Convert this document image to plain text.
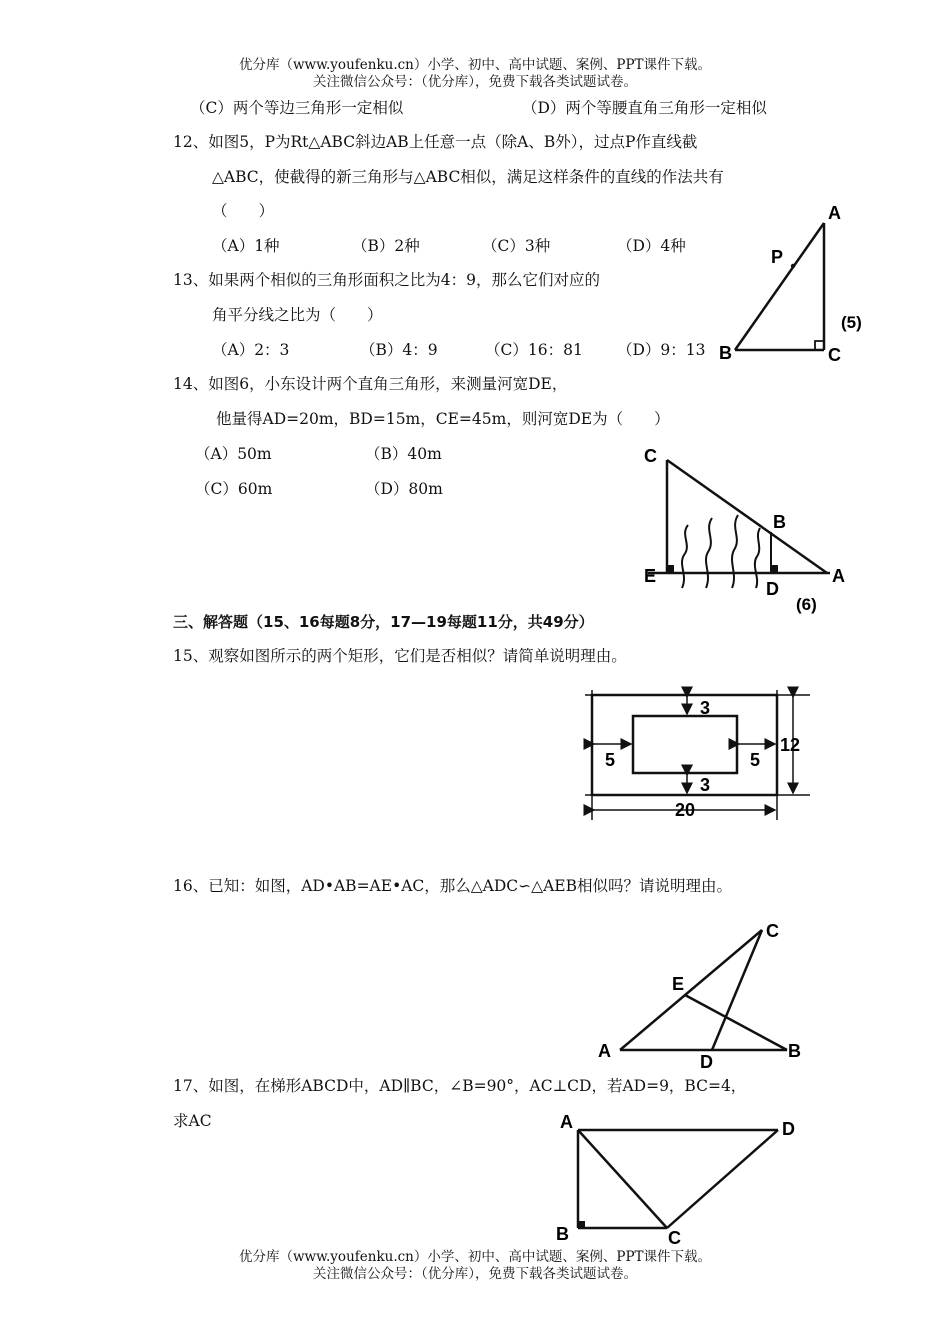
优分库（www.youfenku.cn）小学、初中、高中试题、案例、PPT课件下载。
关注微信公众号：（优分库），免费下载各类试题试卷。
（C）两个等边三角形一定相似	（D）两个等腰直角三角形一定相似
12、如图5，P为Rt△ABC斜边AB上任意一点（除A、B外），过点P作直线截
△ABC，使截得的新三角形与△ABC相似，满足这样条件的直线的作法共有
（　　）
（A）1种	（B）2种	（C）3种	（D）4种
13、如果两个相似的三角形面积之比为4：9，那么它们对应的
角平分线之比为（　　）
（A）2：3	（B）4：9	（C）16：81 （D）9：13
14、如图6，小东设计两个直角三角形，来测量河宽DE，
他量得AD=20m，BD=15m，CE=45m，则河宽DE为（　　）
（A）50m	（B）40m
（C）60m	（D）80m
三、解答题（15、16每题8分，17—19每题11分，共49分）
15、观察如图所示的两个矩形，它们是否相似？请简单说明理由。
16、已知：如图，AD•AB=AE•AC，那么△ADC∽△AEB相似吗？请说明理由。
17、如图，在梯形ABCD中，AD∥BC，∠B=90°，AC⊥CD，若AD=9，BC=4，
求AC
A
P
B	C
(5)
C
B
E
D
A
(6)
3
3
5	5
12
20
C
E
A
D
B
A	D
B	C
优分库（www.youfenku.cn）小学、初中、高中试题、案例、PPT课件下载。
关注微信公众号：（优分库），免费下载各类试题试卷。
